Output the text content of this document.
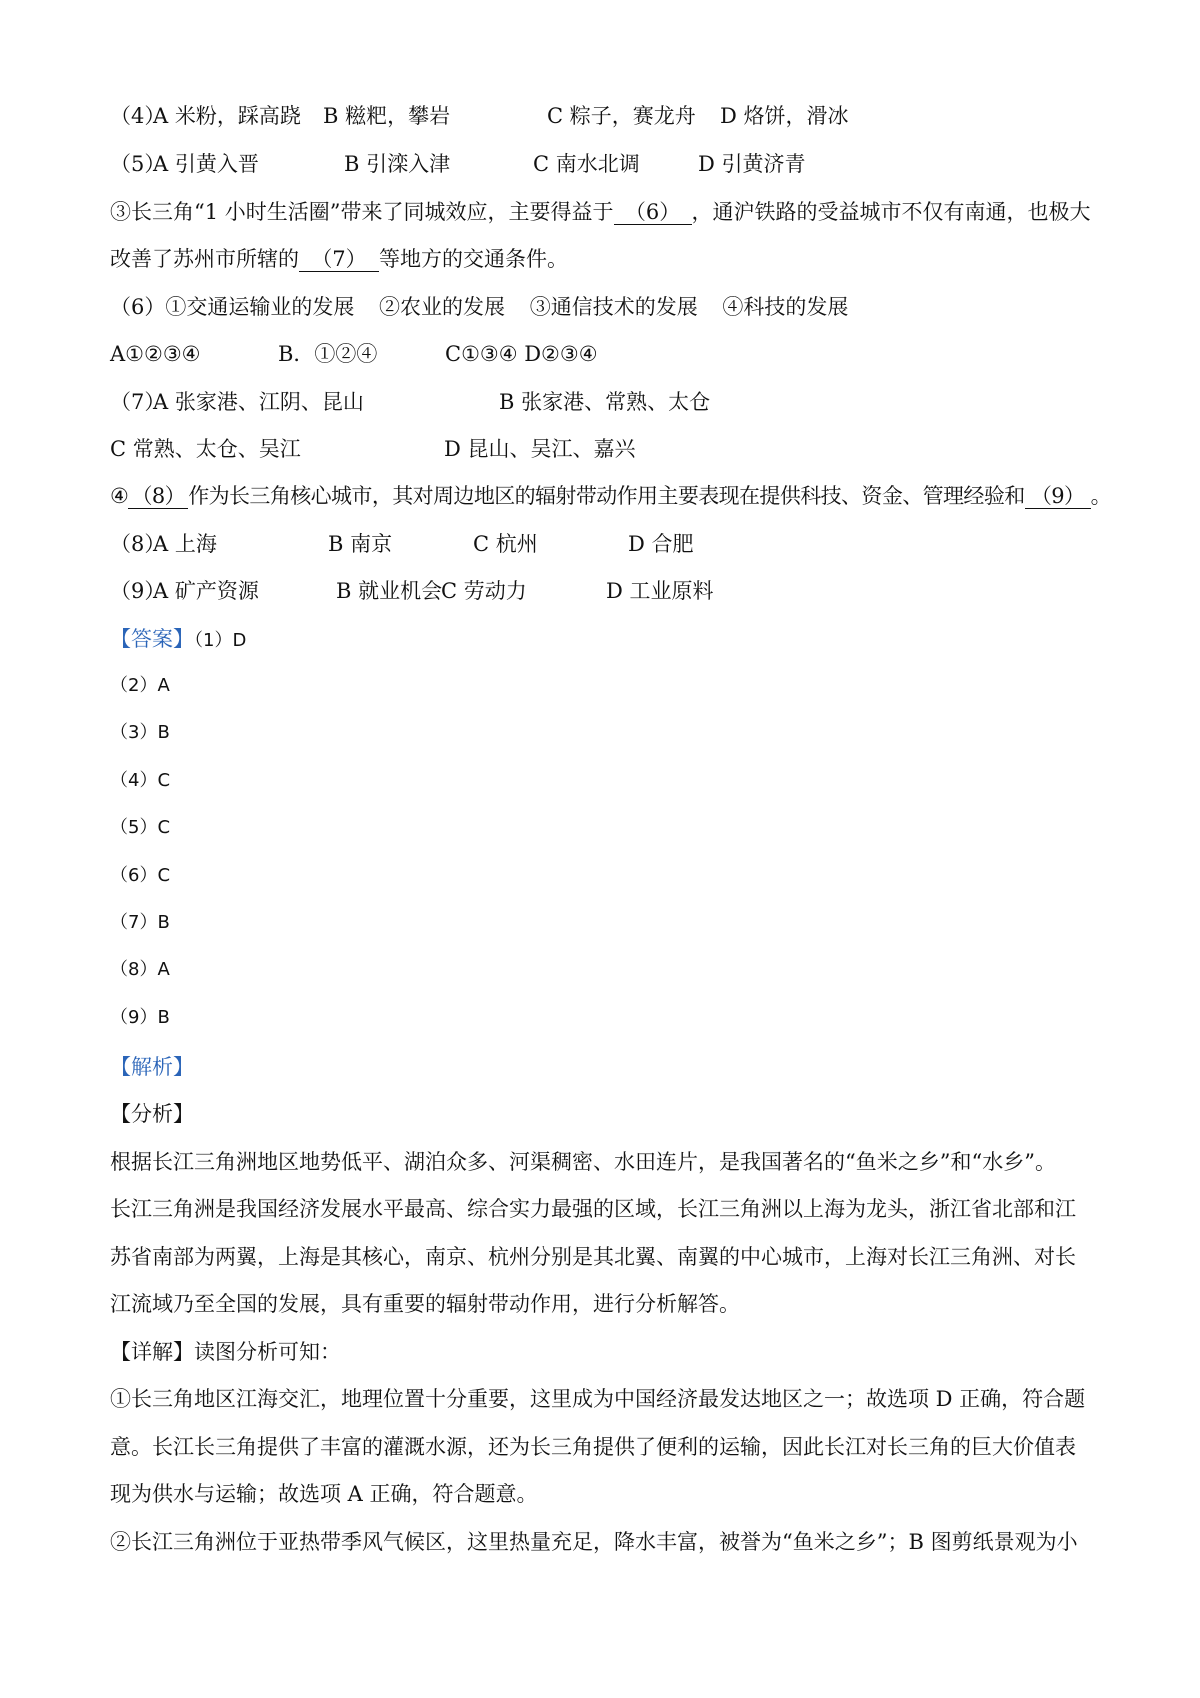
（4）
A 米粉，踩高跷 B 糍粑，攀岩	C 粽子，赛龙舟 D 烙饼，滑冰
（5）
A 引黄入晋	B 引滦入津	C 南水北调	D 引黄济青
③长三角“1 小时生活圈”带来了同城效应，主要得益于 （6） ，通沪铁路的受益城市不仅有南通，也极大
改善了苏州市所辖的 （7） 等地方的交通条件。
（6）①交通运输业的发展 ②农业的发展 ③通信技术的发展 ④科技的发展
A①②③④	B．①②④	C①③④ D②③④
（7）
A 张家港、江阴、昆山	B 张家港、常熟、太仓
C 常熟、太仓、吴江	D 昆山、吴江、嘉兴
④ （8） 作为长三角核心城市，其对周边地区的辐射带动作用主要表现在提供科技、资金、管理经验和 （9） 。
（8）
A 上海	B 南京	C 杭州	D 合肥
（9）
A 矿产资源	B 就业机会
C 劳动力	D 工业原料
【答案】（1）D
（2）A
（3）B
（4）C
（5）C
（6）C
（7）B
（8）A
（9）B
【解析】
【分析】
根据长江三角洲地区地势低平、湖泊众多、河渠稠密、水田连片，是我国著名的“鱼米之乡”和“水乡”。
长江三角洲是我国经济发展水平最高、综合实力最强的区域，长江三角洲以上海为龙头，浙江省北部和江
苏省南部为两翼，上海是其核心，南京、杭州分别是其北翼、南翼的中心城市，上海对长江三角洲、对长
江流域乃至全国的发展，具有重要的辐射带动作用，进行分析解答。
【详解】读图分析可知：
①长三角地区江海交汇，地理位置十分重要，这里成为中国经济最发达地区之一；故选项 D 正确，符合题
意。长江长三角提供了丰富的灌溉水源，还为长三角提供了便利的运输，因此长江对长三角的巨大价值表
现为供水与运输；故选项 A 正确，符合题意。
②长江三角洲位于亚热带季风气候区，这里热量充足，降水丰富，被誉为“鱼米之乡”；B 图剪纸景观为小
